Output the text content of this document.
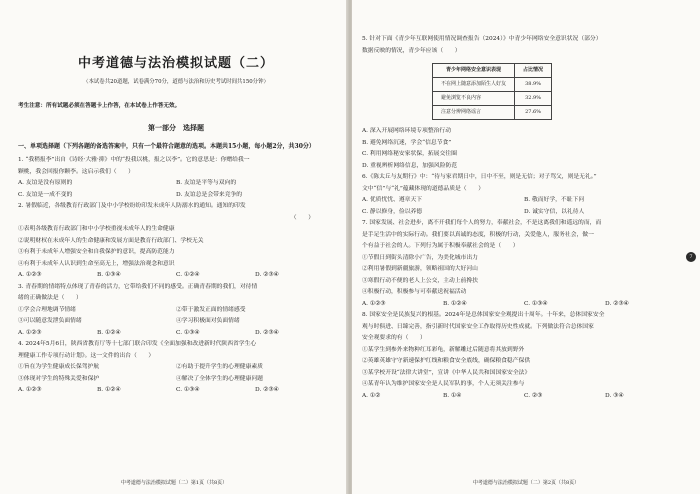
中考道德与法治模拟试题（二）
（本试卷共20道题，试卷满分70分，道德与法治和历史考试时间共150分钟）
考生注意：所有试题必须在答题卡上作答，在本试卷上作答无效。
第一部分　选择题
一、单项选择题（下列各题的备选答案中，只有一个最符合题意的选项。本题共15小题，每小题2分，共30分）

1. “我稍报李”出自《诗经·大雅·抑》中的“投我以桃，报之以李”。它的意思是：你赠给我一

颗桃，我会回报你颗李。这启示我们（　　）

A. 友谊是没有原则的	B. 友谊是平等与双向的
C. 友谊是一成不变的	D. 友谊总是会带来竞争的

2. 暑假临近，各级教育行政部门及中小学校纷纷印发未成年人防溺水的通知。通知的印发

（　　）

①表明各级教育行政部门和中小学校重视未成年人的生命健康

②说明财权在未成年人的生命健康和发展方面是教育行政部门、学校无关

③有利于未成年人增强安全和自我保护的意识，提高防范能力

④有利于未成年人认识到生命至高无上，增强法治观念和意识

A. ①②③	B. ①③④	C. ①②④	D. ②③④

3. 青春期的情绪特点体现了青春的活力，它带给我们不同的感受。正确青春期的我们，对待情

绪的正确做法是（　　）

①学会合理地调节情绪	②带于激发正面的情绪感受
③可以随意发泄负面情绪	④学习积极面对负面情绪
A. ①②③	B. ①②④	C. ①③④	D. ②③④

4. 2024年5月6日，陕西省教育厅等十七部门联合印发《全面加强和改进新时代陕西省学生心

理健康工作专项行动计划》。这一文件的出台（　　）

①旨在为学生健康成长保驾护航	②有助于提升学生的心理健康素质
③体现对学生的特殊关爱和保护	④解决了全体学生的心理健康问题
A. ①②③	B. ①②④	C. ①③④	D. ②③④
中考道德与法治模拟试题（二）第1页（共8页）

5. 针对下面《青少年互联网使用情况调查报告（2024）》中青少年网络安全意识状况（部分）

数据反映的情况，青少年应该（　　）

青少年网络安全意识表现	占比情况
不在网上随意添加陌生人好友	38.9%
避免浏览不良内容	32.9%
注意分辨网络谣言	27.6%

A. 深入开展网络环境专项整治行动

B. 避免网络沉迷，学会“信息节食”

C. 利用网络秘安家状保，拓展交往圈

D. 重视辨析网络信息，加强风险防范

6.《陈太丘与友期行》中：“待与家君期日中，日中不至，则是无信；对子骂父，则是无礼。”

文中“信”与“礼”蕴藏体现的道德品质是（　　）

A. 优质忧忧、遵章天下	B. 敬而好学，不耻下问
C. 静以修身，俭以养德	D. 诚实守信，以礼待人

7. 国家发展、社会进步，离不开我们每个人的努力，奉献社会，不是这离我们和遥远的而，而

是手足生活中的实际行动。我们要以真诚的态度，积极的行动，关爱他人，服务社会，做一

个有益于社会的人。下列行为属于积极奉献社会的是（　　）

①节假日到街头清除小广告，为美化城市出力

②利用暑假到新疆旅游，领略祖国的大好河山

③寒假行动不便的老人上公交，主动上前搀扶

④积极行动，积极参与可奉献送祝福活动

A. ①②③	B. ①②④	C. ①③④	D. ②③④

8. 国家安全是民族复兴的根基。2024年是总体国家安全观提出十周年。十年来，总体国家安全

观与时俱进、日臻完善，指引新时代国家安全工作取得历史性成就。下列做法符合总体国家

安全观要求的有（　　）

①某学生到参外来物种红耳彩龟，新解雕过后随意将其放到野外

②英雄英雄守守新速保护红线和粮食安全底线，确保粮食稳产保供

③某学校开设“法律大讲堂”，宣讲《中华人民共和国国家安全法》

④某青年认为维护国家安全是人民军队的事，个人无须关注参与

A. ①②	B. ①④	C. ②③	D. ③④
7
中考道德与法治模拟试题（二）第2页（共8页）
